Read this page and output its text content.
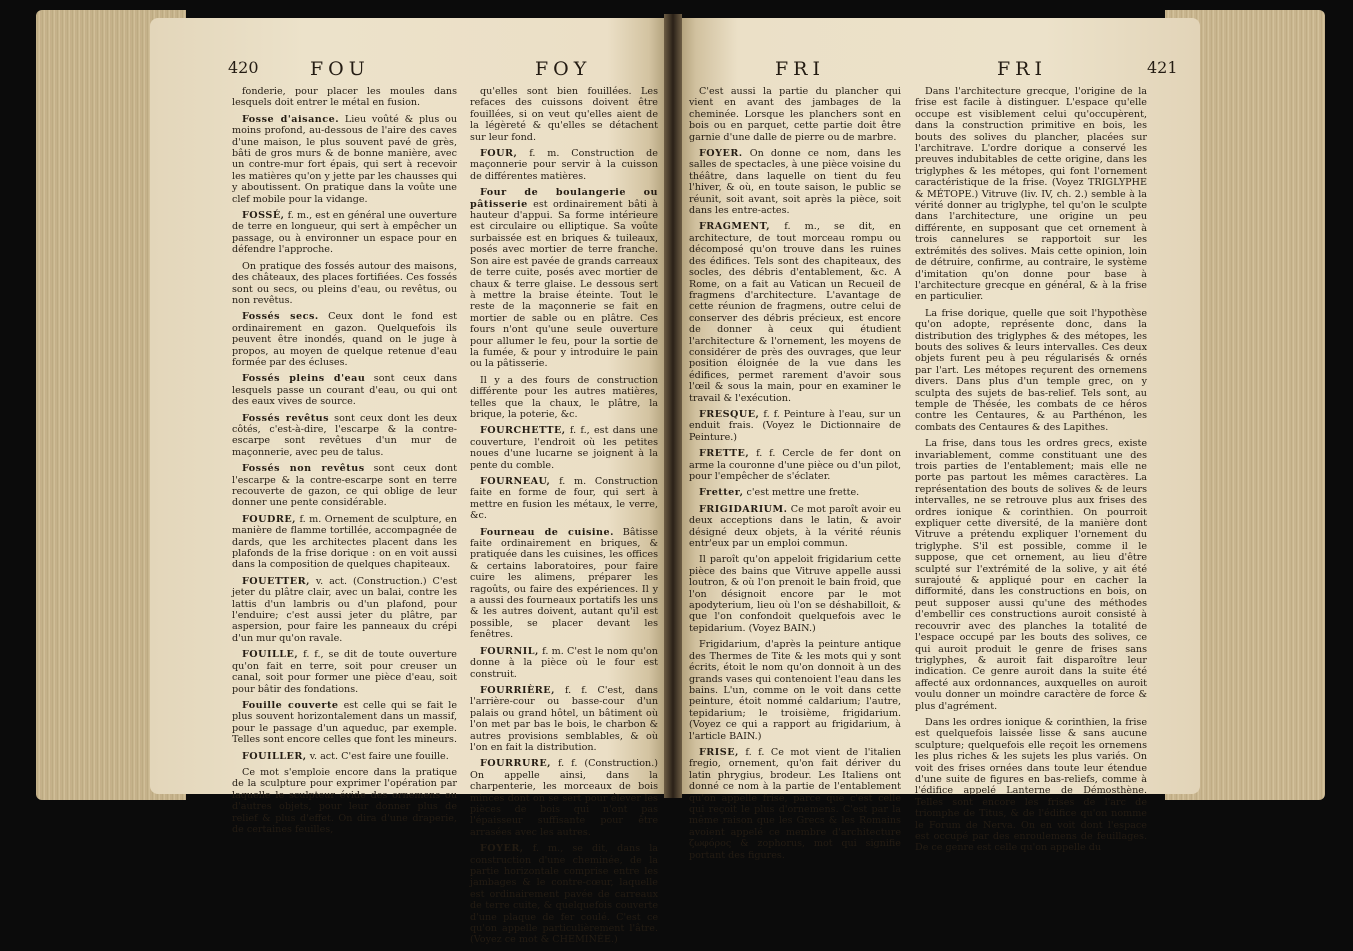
420	FOU	FOY

fonderie, pour placer les moules dans lesquels doit entrer le métal en fusion.

Fosse d'aisance. Lieu voûté & plus ou moins profond, au-dessous de l'aire des caves d'une maison, le plus souvent pavé de grès, bâti de gros murs & de bonne manière, avec un contre-mur fort épais, qui sert à recevoir les matières qu'on y jette par les chausses qui y aboutissent. On pratique dans la voûte une clef mobile pour la vidange.

FOSSÉ, f. m., est en général une ouverture de terre en longueur, qui sert à empêcher un passage, ou à environner un espace pour en défendre l'approche.

On pratique des fossés autour des maisons, des châteaux, des places fortifiées. Ces fossés sont ou secs, ou pleins d'eau, ou revêtus, ou non revêtus.

Fossés secs. Ceux dont le fond est ordinairement en gazon. Quelquefois ils peuvent être inondés, quand on le juge à propos, au moyen de quelque retenue d'eau formée par des écluses.

Fossés pleins d'eau sont ceux dans lesquels passe un courant d'eau, ou qui ont des eaux vives de source.

Fossés revêtus sont ceux dont les deux côtés, c'est-à-dire, l'escarpe & la contre-escarpe sont revêtues d'un mur de maçonnerie, avec peu de talus.

Fossés non revêtus sont ceux dont l'escarpe & la contre-escarpe sont en terre recouverte de gazon, ce qui oblige de leur donner une pente considérable.

FOUDRE, f. m. Ornement de sculpture, en manière de flamme tortillée, accompagnée de dards, que les architectes placent dans les plafonds de la frise dorique : on en voit aussi dans la composition de quelques chapiteaux.

FOUETTER, v. act. (Construction.) C'est jeter du plâtre clair, avec un balai, contre les lattis d'un lambris ou d'un plafond, pour l'enduire; c'est aussi jeter du plâtre, par aspersion, pour faire les panneaux du crépi d'un mur qu'on ravale.

FOUILLE, f. f., se dit de toute ouverture qu'on fait en terre, soit pour creuser un canal, soit pour former une pièce d'eau, soit pour bâtir des fondations.

Fouille couverte est celle qui se fait le plus souvent horizontalement dans un massif, pour le passage d'un aqueduc, par exemple. Telles sont encore celles que font les mineurs.

FOUILLER, v. act. C'est faire une fouille.

Ce mot s'emploie encore dans la pratique de la sculpture pour exprimer l'opération par laquelle le sculpteur évide des ornemens ou d'autres objets, pour leur donner plus de relief & plus d'effet. On dira d'une draperie, de certaines feuilles,

qu'elles sont bien fouillées. Les refaces des cuissons doivent être fouillées, si on veut qu'elles aient de la légèreté & qu'elles se détachent sur leur fond.

FOUR, f. m. Construction de maçonnerie pour servir à la cuisson de différentes matières.

Four de boulangerie ou pâtisserie est ordinairement bâti à hauteur d'appui. Sa forme intérieure est circulaire ou elliptique. Sa voûte surbaissée est en briques & tuileaux, posés avec mortier de terre franche. Son aire est pavée de grands carreaux de terre cuite, posés avec mortier de chaux & terre glaise. Le dessous sert à mettre la braise éteinte. Tout le reste de la maçonnerie se fait en mortier de sable ou en plâtre. Ces fours n'ont qu'une seule ouverture pour allumer le feu, pour la sortie de la fumée, & pour y introduire le pain ou la pâtisserie.

Il y a des fours de construction différente pour les autres matières, telles que la chaux, le plâtre, la brique, la poterie, &c.

FOURCHETTE, f. f., est dans une couverture, l'endroit où les petites noues d'une lucarne se joignent à la pente du comble.

FOURNEAU, f. m. Construction faite en forme de four, qui sert à mettre en fusion les métaux, le verre, &c.

Fourneau de cuisine. Bâtisse faite ordinairement en briques, & pratiquée dans les cuisines, les offices & certains laboratoires, pour faire cuire les alimens, préparer les ragoûts, ou faire des expériences. Il y a aussi des fourneaux portatifs les uns & les autres doivent, autant qu'il est possible, se placer devant les fenêtres.

FOURNIL, f. m. C'est le nom qu'on donne à la pièce où le four est construit.

FOURRIÈRE, f. f. C'est, dans l'arrière-cour ou basse-cour d'un palais ou grand hôtel, un bâtiment où l'on met par bas le bois, le charbon & autres provisions semblables, & où l'on en fait la distribution.

FOURRURE, f. f. (Construction.) On appelle ainsi, dans la charpenterie, les morceaux de bois minces dont on se sert pour élever les pièces de bois qui n'ont pas l'épaisseur suffisante pour être arrasées avec les autres.

FOYER, f. m., se dit, dans la construction d'une cheminée, de la partie horizontale comprise entre les jambages & le contre-cœur, laquelle est ordinairement pavée de carreaux de terre cuite, & quelquefois couverte d'une plaque de fer coulé. C'est ce qu'on appelle particulièrement l'âtre. (Voyez ce mot & CHEMINÉE.)

FRI	FRI	421

C'est aussi la partie du plancher qui vient en avant des jambages de la cheminée. Lorsque les planchers sont en bois ou en parquet, cette partie doit être garnie d'une dalle de pierre ou de marbre.

FOYER. On donne ce nom, dans les salles de spectacles, à une pièce voisine du théâtre, dans laquelle on tient du feu l'hiver, & où, en toute saison, le public se réunit, soit avant, soit après la pièce, soit dans les entre-actes.

FRAGMENT, f. m., se dit, en architecture, de tout morceau rompu ou décomposé qu'on trouve dans les ruines des édifices. Tels sont des chapiteaux, des socles, des débris d'entablement, &c. A Rome, on a fait au Vatican un Recueil de fragmens d'architecture. L'avantage de cette réunion de fragmens, outre celui de conserver des débris précieux, est encore de donner à ceux qui étudient l'architecture & l'ornement, les moyens de considérer de près des ouvrages, que leur position éloignée de la vue dans les édifices, permet rarement d'avoir sous l'œil & sous la main, pour en examiner le travail & l'exécution.

FRESQUE, f. f. Peinture à l'eau, sur un enduit frais. (Voyez le Dictionnaire de Peinture.)

FRETTE, f. f. Cercle de fer dont on arme la couronne d'une pièce ou d'un pilot, pour l'empêcher de s'éclater.

Fretter, c'est mettre une frette.

FRIGIDARIUM. Ce mot paroît avoir eu deux acceptions dans le latin, & avoir désigné deux objets, à la vérité réunis entr'eux par un emploi commun.

Il paroît qu'on appeloit frigidarium cette pièce des bains que Vitruve appelle aussi loutron, & où l'on prenoit le bain froid, que l'on désignoit encore par le mot apodyterium, lieu où l'on se déshabilloit, & que l'on confondoit quelquefois avec le tepidarium. (Voyez BAIN.)

Frigidarium, d'après la peinture antique des Thermes de Tite & les mots qui y sont écrits, étoit le nom qu'on donnoit à un des grands vases qui contenoient l'eau dans les bains. L'un, comme on le voit dans cette peinture, étoit nommé caldarium; l'autre, tepidarium; le troisième, frigidarium. (Voyez ce qui a rapport au frigidarium, à l'article BAIN.)

FRISE, f. f. Ce mot vient de l'italien fregio, ornement, qu'on fait dériver du latin phrygius, brodeur. Les Italiens ont donné ce nom à la partie de l'entablement qu'on appelle frise, parce que c'est celle qui reçoit le plus d'ornemens. C'est par la même raison que les Grecs & les Romains avoient appelé ce membre d'architecture ζωφόρος & zophorus, mot qui signifie portant des figures.

Dans l'architecture grecque, l'origine de la frise est facile à distinguer. L'espace qu'elle occupe est visiblement celui qu'occupèrent, dans la construction primitive en bois, les bouts des solives du plancher, placées sur l'architrave. L'ordre dorique a conservé les preuves indubitables de cette origine, dans les triglyphes & les métopes, qui font l'ornement caractéristique de la frise. (Voyez TRIGLYPHE & MÉTOPE.) Vitruve (liv. IV, ch. 2.) semble à la vérité donner au triglyphe, tel qu'on le sculpte dans l'architecture, une origine un peu différente, en supposant que cet ornement à trois cannelures se rapportoit sur les extrémités des solives. Mais cette opinion, loin de détruire, confirme, au contraire, le système d'imitation qu'on donne pour base à l'architecture grecque en général, & à la frise en particulier.

La frise dorique, quelle que soit l'hypothèse qu'on adopte, représente donc, dans la distribution des triglyphes & des métopes, les bouts des solives & leurs intervalles. Ces deux objets furent peu à peu régularisés & ornés par l'art. Les métopes reçurent des ornemens divers. Dans plus d'un temple grec, on y sculpta des sujets de bas-relief. Tels sont, au temple de Thésée, les combats de ce héros contre les Centaures, & au Parthénon, les combats des Centaures & des Lapithes.

La frise, dans tous les ordres grecs, existe invariablement, comme constituant une des trois parties de l'entablement; mais elle ne porte pas partout les mêmes caractères. La représentation des bouts de solives & de leurs intervalles, ne se retrouve plus aux frises des ordres ionique & corinthien. On pourroit expliquer cette diversité, de la manière dont Vitruve a prétendu expliquer l'ornement du triglyphe. S'il est possible, comme il le suppose, que cet ornement, au lieu d'être sculpté sur l'extrémité de la solive, y ait été surajouté & appliqué pour en cacher la difformité, dans les constructions en bois, on peut supposer aussi qu'une des méthodes d'embellir ces constructions auroit consisté à recouvrir avec des planches la totalité de l'espace occupé par les bouts des solives, ce qui auroit produit le genre de frises sans triglyphes, & auroit fait disparoître leur indication. Ce genre auroit dans la suite été affecté aux ordonnances, auxquelles on auroit voulu donner un moindre caractère de force & plus d'agrément.

Dans les ordres ionique & corinthien, la frise est quelquefois laissée lisse & sans aucune sculpture; quelquefois elle reçoit les ornemens les plus riches & les sujets les plus variés. On voit des frises ornées dans toute leur étendue d'une suite de figures en bas-reliefs, comme à l'édifice appelé Lanterne de Démosthène. Telles sont encore les frises de l'arc de triomphe de Titus, & de l'édifice qu'on nomme le Forum de Nerva. On en voit dont l'espace est occupé par des enroulemens de feuillages. De ce genre est celle qu'on appelle du
